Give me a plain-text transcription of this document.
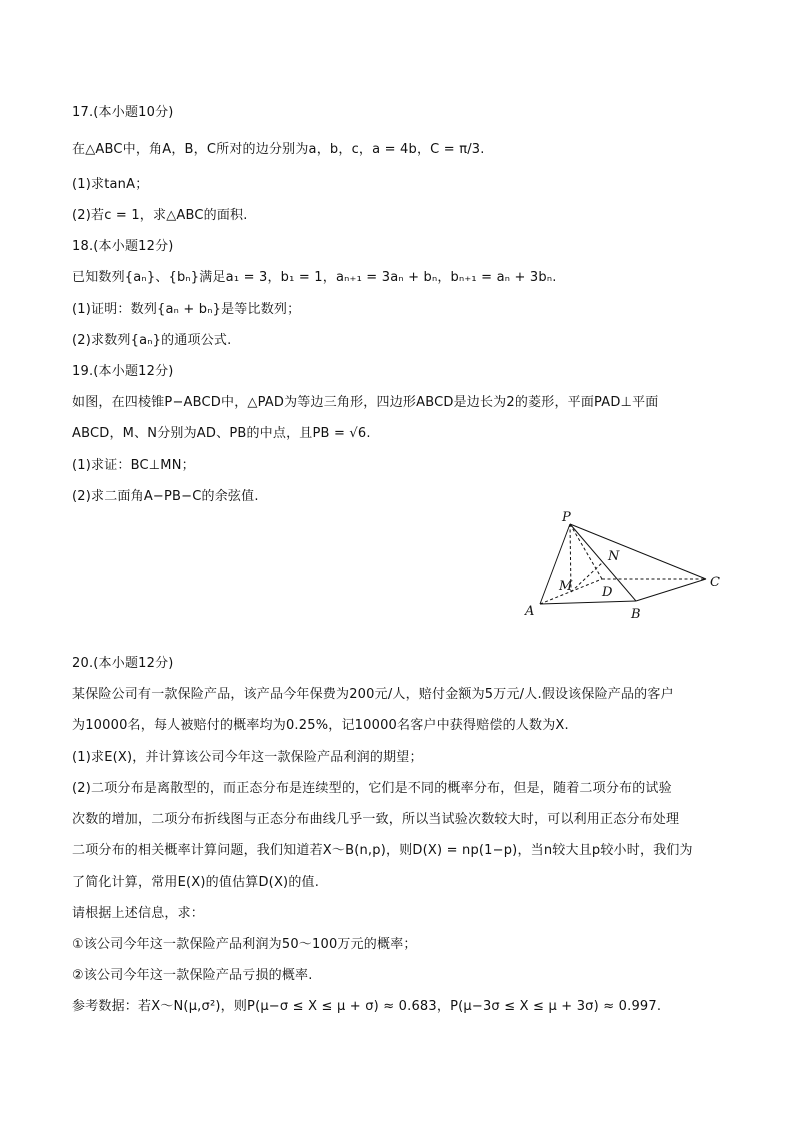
17.(本小题10分)
在△ABC中，角A，B，C所对的边分别为a，b，c，a = 4b，C = π/3.
(1)求tanA；
(2)若c = 1，求△ABC的面积.
18.(本小题12分)
已知数列{aₙ}、{bₙ}满足a₁ = 3，b₁ = 1，aₙ₊₁ = 3aₙ + bₙ，bₙ₊₁ = aₙ + 3bₙ.
(1)证明：数列{aₙ + bₙ}是等比数列；
(2)求数列{aₙ}的通项公式.
19.(本小题12分)
如图，在四棱锥P−ABCD中，△PAD为等边三角形，四边形ABCD是边长为2的菱形，平面PAD⊥平面
ABCD，M、N分别为AD、PB的中点，且PB = √6.
(1)求证：BC⊥MN；
(2)求二面角A−PB−C的余弦值.
P
N
C
M D
A	B
20.(本小题12分)
某保险公司有一款保险产品，该产品今年保费为200元/人，赔付金额为5万元/人.假设该保险产品的客户
为10000名，每人被赔付的概率均为0.25%，记10000名客户中获得赔偿的人数为X.
(1)求E(X)，并计算该公司今年这一款保险产品利润的期望；
(2)二项分布是离散型的，而正态分布是连续型的，它们是不同的概率分布，但是，随着二项分布的试验
次数的增加，二项分布折线图与正态分布曲线几乎一致，所以当试验次数较大时，可以利用正态分布处理
二项分布的相关概率计算问题，我们知道若X～B(n,p)，则D(X) = np(1−p)，当n较大且p较小时，我们为
了简化计算，常用E(X)的值估算D(X)的值.
请根据上述信息，求：
①该公司今年这一款保险产品利润为50～100万元的概率；
②该公司今年这一款保险产品亏损的概率.
参考数据：若X～N(μ,σ²)，则P(μ−σ ≤ X ≤ μ + σ) ≈ 0.683，P(μ−3σ ≤ X ≤ μ + 3σ) ≈ 0.997.
